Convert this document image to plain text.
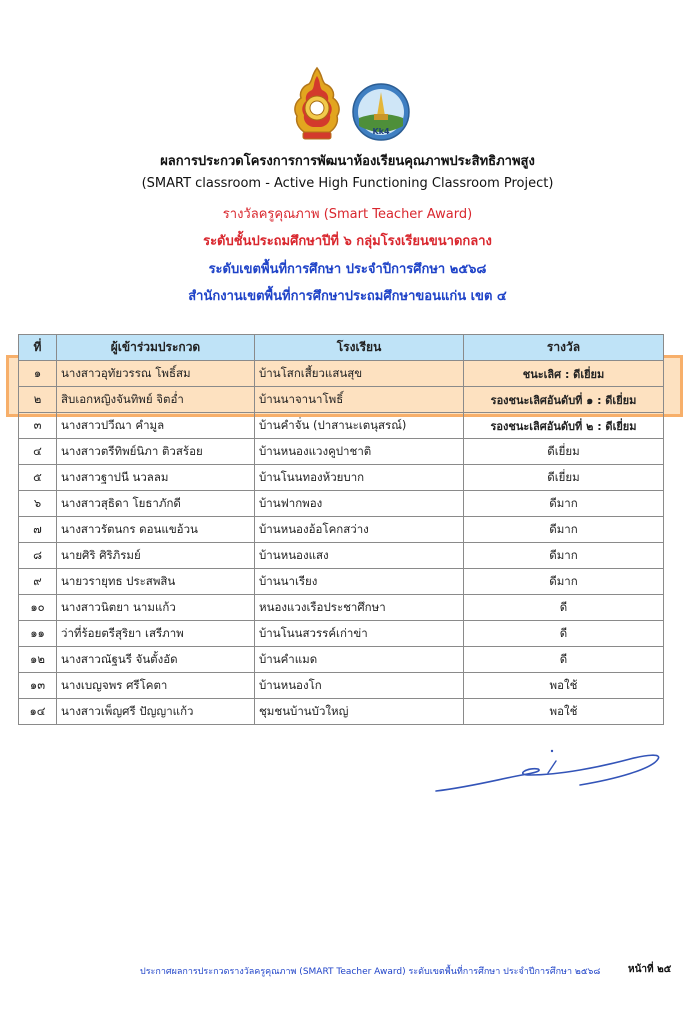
Kk4
ผลการประกวดโครงการการพัฒนาห้องเรียนคุณภาพประสิทธิภาพสูง
(SMART classroom - Active High Functioning Classroom Project)
รางวัลครูคุณภาพ (Smart Teacher Award)
ระดับชั้นประถมศึกษาปีที่ ๖ กลุ่มโรงเรียนขนาดกลาง
ระดับเขตพื้นที่การศึกษา ประจำปีการศึกษา ๒๕๖๘
สำนักงานเขตพื้นที่การศึกษาประถมศึกษาขอนแก่น เขต ๔
ที่	ผู้เข้าร่วมประกวด	โรงเรียน	รางวัล
๑	นางสาวอุทัยวรรณ โพธิ์สม	บ้านโสกเสี้ยวแสนสุข	ชนะเลิศ : ดีเยี่ยม
๒	สิบเอกหญิงจันทิพย์ จิตอ่ำ	บ้านนาจานาโพธิ์	รองชนะเลิศอันดับที่ ๑ : ดีเยี่ยม
๓	นางสาวปวีณา คำมูล	บ้านคำจั่น (ปาสานะเตนุสรณ์)	รองชนะเลิศอันดับที่ ๒ : ดีเยี่ยม
๔	นางสาวตรีทิพย์นิภา ติวสร้อย	บ้านหนองแวงคูปาชาติ	ดีเยี่ยม
๕	นางสาวฐาปนี นวลลม	บ้านโนนทองห้วยบาก	ดีเยี่ยม
๖	นางสาวสุธิดา โยธาภักดี	บ้านฟากพอง	ดีมาก
๗	นางสาวรัตนกร ดอนแขอ้วน	บ้านหนองอ้อโคกสว่าง	ดีมาก
๘	นายศิริ ศิริภิรมย์	บ้านหนองแสง	ดีมาก
๙	นายวรายุทธ ประสพสิน	บ้านนาเรียง	ดีมาก
๑๐	นางสาวนิตยา นามแก้ว	หนองแวงเรือประชาศึกษา	ดี
๑๑	ว่าที่ร้อยตรีสุริยา เสรีภาพ	บ้านโนนสวรรค์เก่าข่า	ดี
๑๒	นางสาวณัฐนรี จันตั้งอัด	บ้านคำแมด	ดี
๑๓	นางเบญจพร ศรีโคตา	บ้านหนองโก	พอใช้
๑๔	นางสาวเพ็ญศรี ปัญญาแก้ว	ชุมชนบ้านบัวใหญ่	พอใช้
ประกาศผลการประกวดรางวัลครูคุณภาพ (SMART Teacher Award) ระดับเขตพื้นที่การศึกษา ประจำปีการศึกษา ๒๕๖๘	หน้าที่ ๒๕
